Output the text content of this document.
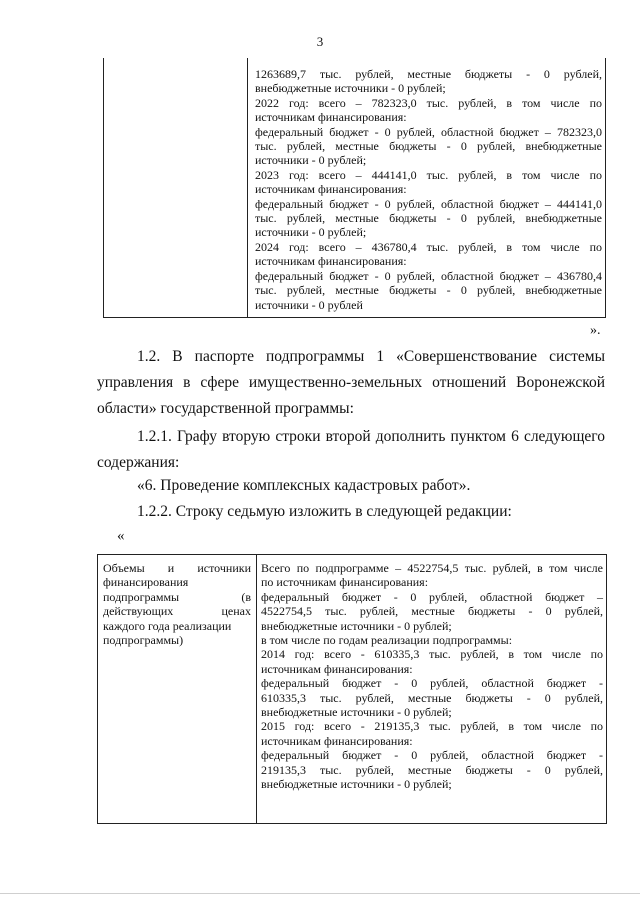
3
1263689,7 тыс. рублей, местные бюджеты - 0 рублей,
внебюджетные источники - 0 рублей;
2022 год: всего – 782323,0 тыс. рублей, в том числе по
источникам финансирования:
федеральный бюджет - 0 рублей, областной бюджет – 782323,0
тыс. рублей, местные бюджеты - 0 рублей, внебюджетные
источники - 0 рублей;
2023 год: всего – 444141,0 тыс. рублей, в том числе по
источникам финансирования:
федеральный бюджет - 0 рублей, областной бюджет – 444141,0
тыс. рублей, местные бюджеты - 0 рублей, внебюджетные
источники - 0 рублей;
2024 год: всего – 436780,4 тыс. рублей, в том числе по
источникам финансирования:
федеральный бюджет - 0 рублей, областной бюджет – 436780,4
тыс. рублей, местные бюджеты - 0 рублей, внебюджетные
источники - 0 рублей
».
1.2. В паспорте подпрограммы 1 «Совершенствование системы
управления в сфере имущественно-земельных отношений Воронежской
области» государственной программы:
1.2.1. Графу вторую строки второй дополнить пунктом 6 следующего
содержания:
«6. Проведение комплексных кадастровых работ».
1.2.2. Строку седьмую изложить в следующей редакции:
«
Объемы и источники
финансирования
подпрограммы (в
действующих ценах
каждого года реализации
подпрограммы)
Всего по подпрограмме – 4522754,5 тыс. рублей, в том числе
по источникам финансирования:
федеральный бюджет - 0 рублей, областной бюджет –
4522754,5 тыс. рублей, местные бюджеты - 0 рублей,
внебюджетные источники - 0 рублей;
в том числе по годам реализации подпрограммы:
2014 год: всего - 610335,3 тыс. рублей, в том числе по
источникам финансирования:
федеральный бюджет - 0 рублей, областной бюджет -
610335,3 тыс. рублей, местные бюджеты - 0 рублей,
внебюджетные источники - 0 рублей;
2015 год: всего - 219135,3 тыс. рублей, в том числе по
источникам финансирования:
федеральный бюджет - 0 рублей, областной бюджет -
219135,3 тыс. рублей, местные бюджеты - 0 рублей,
внебюджетные источники - 0 рублей;
